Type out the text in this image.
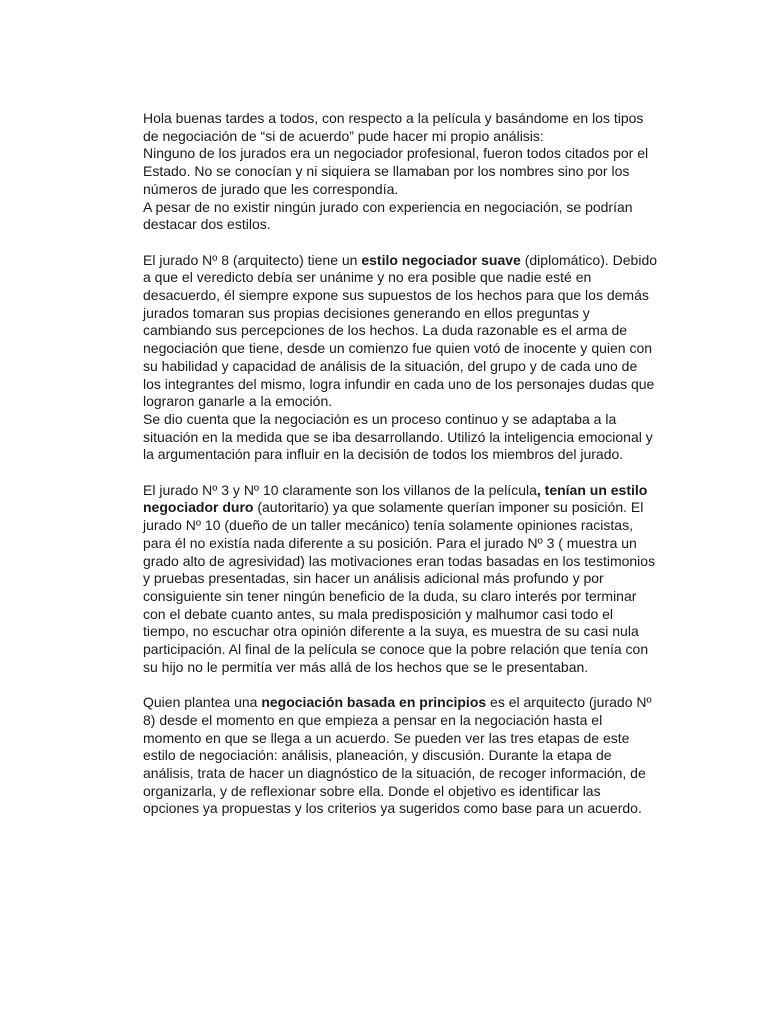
Hola buenas tardes a todos, con respecto a la película y basándome en los tipos
de negociación de “si de acuerdo” pude hacer mi propio análisis:
Ninguno de los jurados era un negociador profesional, fueron todos citados por el
Estado. No se conocían y ni siquiera se llamaban por los nombres sino por los
números de jurado que les correspondía.
A pesar de no existir ningún jurado con experiencia en negociación, se podrían
destacar dos estilos.
El jurado Nº 8 (arquitecto) tiene un estilo negociador suave (diplomático). Debido
a que el veredicto debía ser unánime y no era posible que nadie esté en
desacuerdo, él siempre expone sus supuestos de los hechos para que los demás
jurados tomaran sus propias decisiones generando en ellos preguntas y
cambiando sus percepciones de los hechos. La duda razonable es el arma de
negociación que tiene, desde un comienzo fue quien votó de inocente y quien con
su habilidad y capacidad de análisis de la situación, del grupo y de cada uno de
los integrantes del mismo, logra infundir en cada uno de los personajes dudas que
lograron ganarle a la emoción.
Se dio cuenta que la negociación es un proceso continuo y se adaptaba a la
situación en la medida que se iba desarrollando. Utilizó la inteligencia emocional y
la argumentación para influir en la decisión de todos los miembros del jurado.
El jurado Nº 3 y Nº 10 claramente son los villanos de la película, tenían un estilo
negociador duro (autoritario) ya que solamente querían imponer su posición. El
jurado Nº 10 (dueño de un taller mecánico) tenía solamente opiniones racistas,
para él no existía nada diferente a su posición. Para el jurado Nº 3 ( muestra un
grado alto de agresividad) las motivaciones eran todas basadas en los testimonios
y pruebas presentadas, sin hacer un análisis adicional más profundo y por
consiguiente sin tener ningún beneficio de la duda, su claro interés por terminar
con el debate cuanto antes, su mala predisposición y malhumor casi todo el
tiempo, no escuchar otra opinión diferente a la suya, es muestra de su casi nula
participación. Al final de la película se conoce que la pobre relación que tenía con
su hijo no le permitía ver más allá de los hechos que se le presentaban.
Quien plantea una negociación basada en principios es el arquitecto (jurado Nº
8) desde el momento en que empieza a pensar en la negociación hasta el
momento en que se llega a un acuerdo. Se pueden ver las tres etapas de este
estilo de negociación: análisis, planeación, y discusión. Durante la etapa de
análisis, trata de hacer un diagnóstico de la situación, de recoger información, de
organizarla, y de reflexionar sobre ella. Donde el objetivo es identificar las
opciones ya propuestas y los criterios ya sugeridos como base para un acuerdo.
